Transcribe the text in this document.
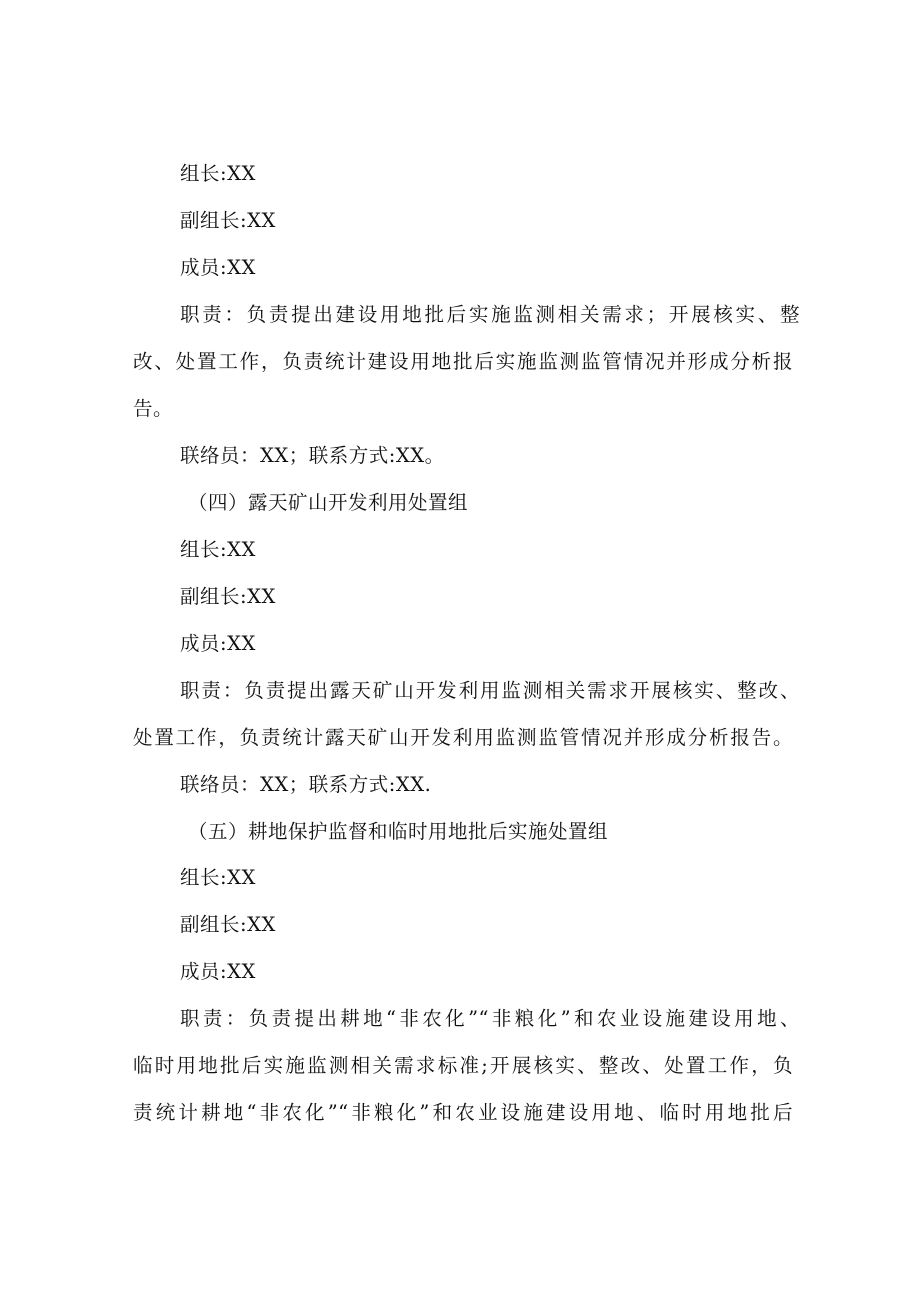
组长:XX
副组长:XX
成员:XX
职责：负责提出建设用地批后实施监测相关需求；开展核实、整
改、处置工作，负责统计建设用地批后实施监测监管情况并形成分析报
告。
联络员：XX；联系方式:XX。
（四）露天矿山开发利用处置组
组长:XX
副组长:XX
成员:XX
职责：负责提出露天矿山开发利用监测相关需求开展核实、整改、
处置工作，负责统计露天矿山开发利用监测监管情况并形成分析报告。
联络员：XX；联系方式:XX.
（五）耕地保护监督和临时用地批后实施处置组
组长:XX
副组长:XX
成员:XX
职责：负责提出耕地“非农化”“非粮化”和农业设施建设用地、
临时用地批后实施监测相关需求标准;开展核实、整改、处置工作，负
责统计耕地“非农化”“非粮化”和农业设施建设用地、临时用地批后
